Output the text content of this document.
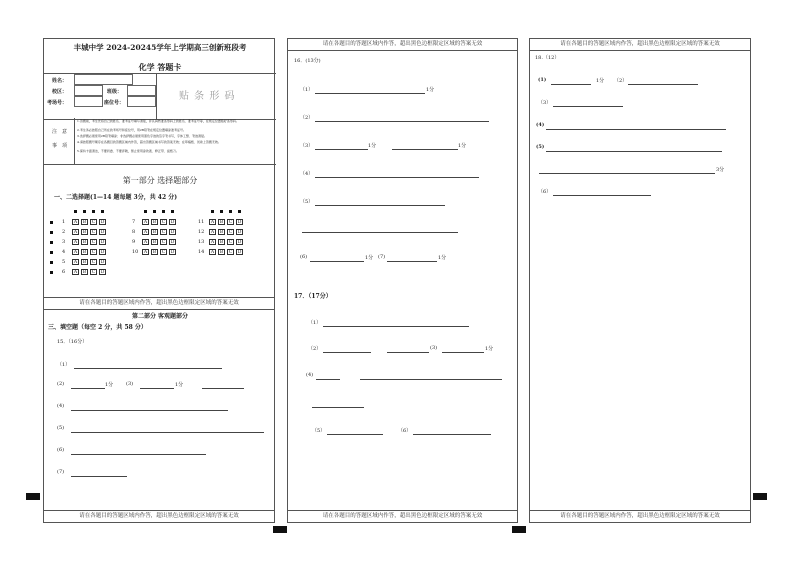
丰城中学 2024-20245学年上学期高三创新班段考
化学 答题卡
姓名：
校区：	班级：
考场号：	座位号：
贴 条 形 码
注　意
事　项
1.答题前，考生先将自己的姓名、准考证号填写清楚，并认真核准条形码上的姓名、准考证号等，在规定位置贴好条形码。
2.考生务必按照自己所在的考场号和座位号，用2B铅笔在规定位置填涂准考证号。
3.选择题必须使用2B铅笔填涂；非选择题必须使用黑色字迹的签字笔书写，字体工整、笔迹清楚。
4.请按照题号顺序在各题目的答题区域内作答，超出答题区域书写的答案无效；在草稿纸、试卷上答题无效。
5.保持卡面清洁，不要折叠、不要弄破，禁止使用涂改液、修正带、刮纸刀。
第一部分 选择题部分
一、二选择题(1—14 题每题 3分，共 42 分)
1	A	B	C	D
2	A	B	C	D
3	A	B	C	D
4	A	B	C	D
5	A	B	C	D
6	A	B	C	D
7	A	B	C	D
8	A	B	C	D
9	A	B	C	D
10	A	B	C	D
11	A	B	C	D
12	A	B	C	D
13	A	B	C	D
14	A	B	C	D
请在各题目的答题区域内作答，超出黑色边框限定区域的答案无效
第二部分 客观题部分
三、填空题（每空 2 分，共 58 分）
15．（16分）
（1）
(2)	1分	(3)	1分
(4)
(5)
(6)
(7)
请在各题目的答题区域内作答，超出黑色边框限定区域的答案无效
请在各题目的答题区域内作答，超出黑色边框限定区域的答案无效
16．(13分)
（1）	1分
（2）
（3）	1分	1分
（4）
（5）
(6)	1分 (7)	1分
17．（17分）
（1）
（2）	(3)	1分
(4)
（5）	（6）
请在各题目的答题区域内作答，超出黑色边框限定区域的答案无效
请在各题目的答题区域内作答，超出黑色边框限定区域的答案无效
18.（12）
(1)	1分 （2）
（3）
(4)
(5)
3分
（6）
请在各题目的答题区域内作答，超出黑色边框限定区域的答案无效
